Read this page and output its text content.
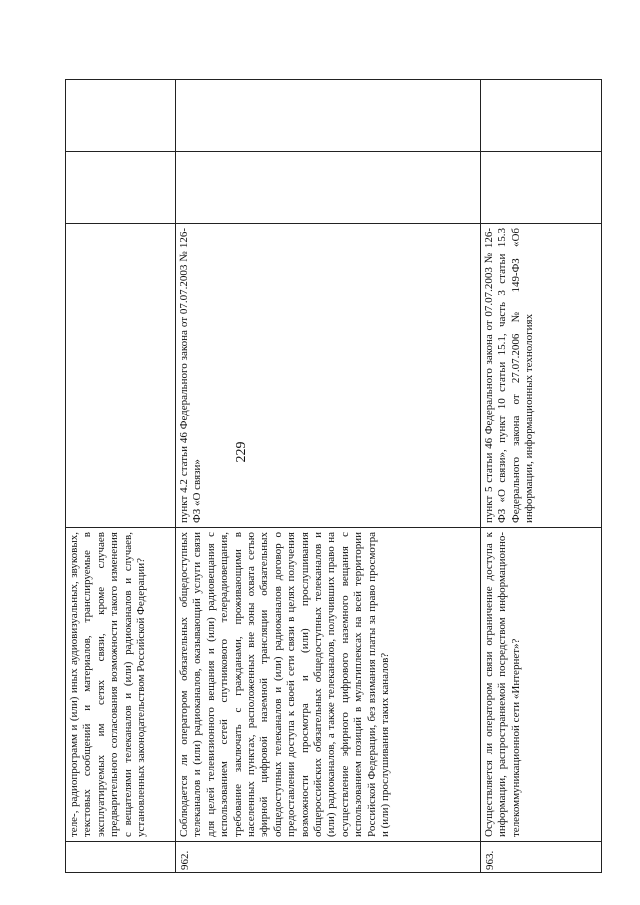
229
	теле-, радиопрограмм и (или) иных аудиовизуальных, звуковых, текстовых сообщений и материалов, транслируемые в эксплуатируемых им сетях связи, кроме случаев предварительного согласования возможности такого изменения с вещателями телеканалов и (или) радиоканалов и случаев, установленных законодательством Российской Федерации?			
962.	Соблюдается ли оператором обязательных общедоступных телеканалов и (или) радиоканалов, оказывающий услуги связи для целей телевизионного вещания и (или) радиовещания с использованием сетей спутникового телерадиовещания, требование заключать с гражданами, проживающими в населенных пунктах, расположенных вне зоны охвата сетью эфирной цифровой наземной трансляции обязательных общедоступных телеканалов и (или) радиоканалов договор о предоставлении доступа к своей сети связи в целях получения возможности просмотра и (или) прослушивания общероссийских обязательных общедоступных телеканалов и (или) радиоканалов, а также телеканалов, получивших право на осуществление эфирного цифрового наземного вещания с использованием позиций в мультиплексах на всей территории Российской Федерации, без взимания платы за право просмотра и (или) прослушивания таких каналов?	пункт 4.2 статьи 46 Федерального закона от 07.07.2003 № 126-ФЗ «О связи»		
963.	Осуществляется ли оператором связи ограничение доступа к информации, распространяемой посредством информационно-телекоммуникационной сети «Интернет»?	пункт 5 статьи 46 Федерального закона от 07.07.2003 № 126-ФЗ «О связи», пункт 10 статьи 15.1, часть 3 статьи 15.3 Федерального закона от 27.07.2006 № 149-ФЗ «Об информации, информационных технологиях		
